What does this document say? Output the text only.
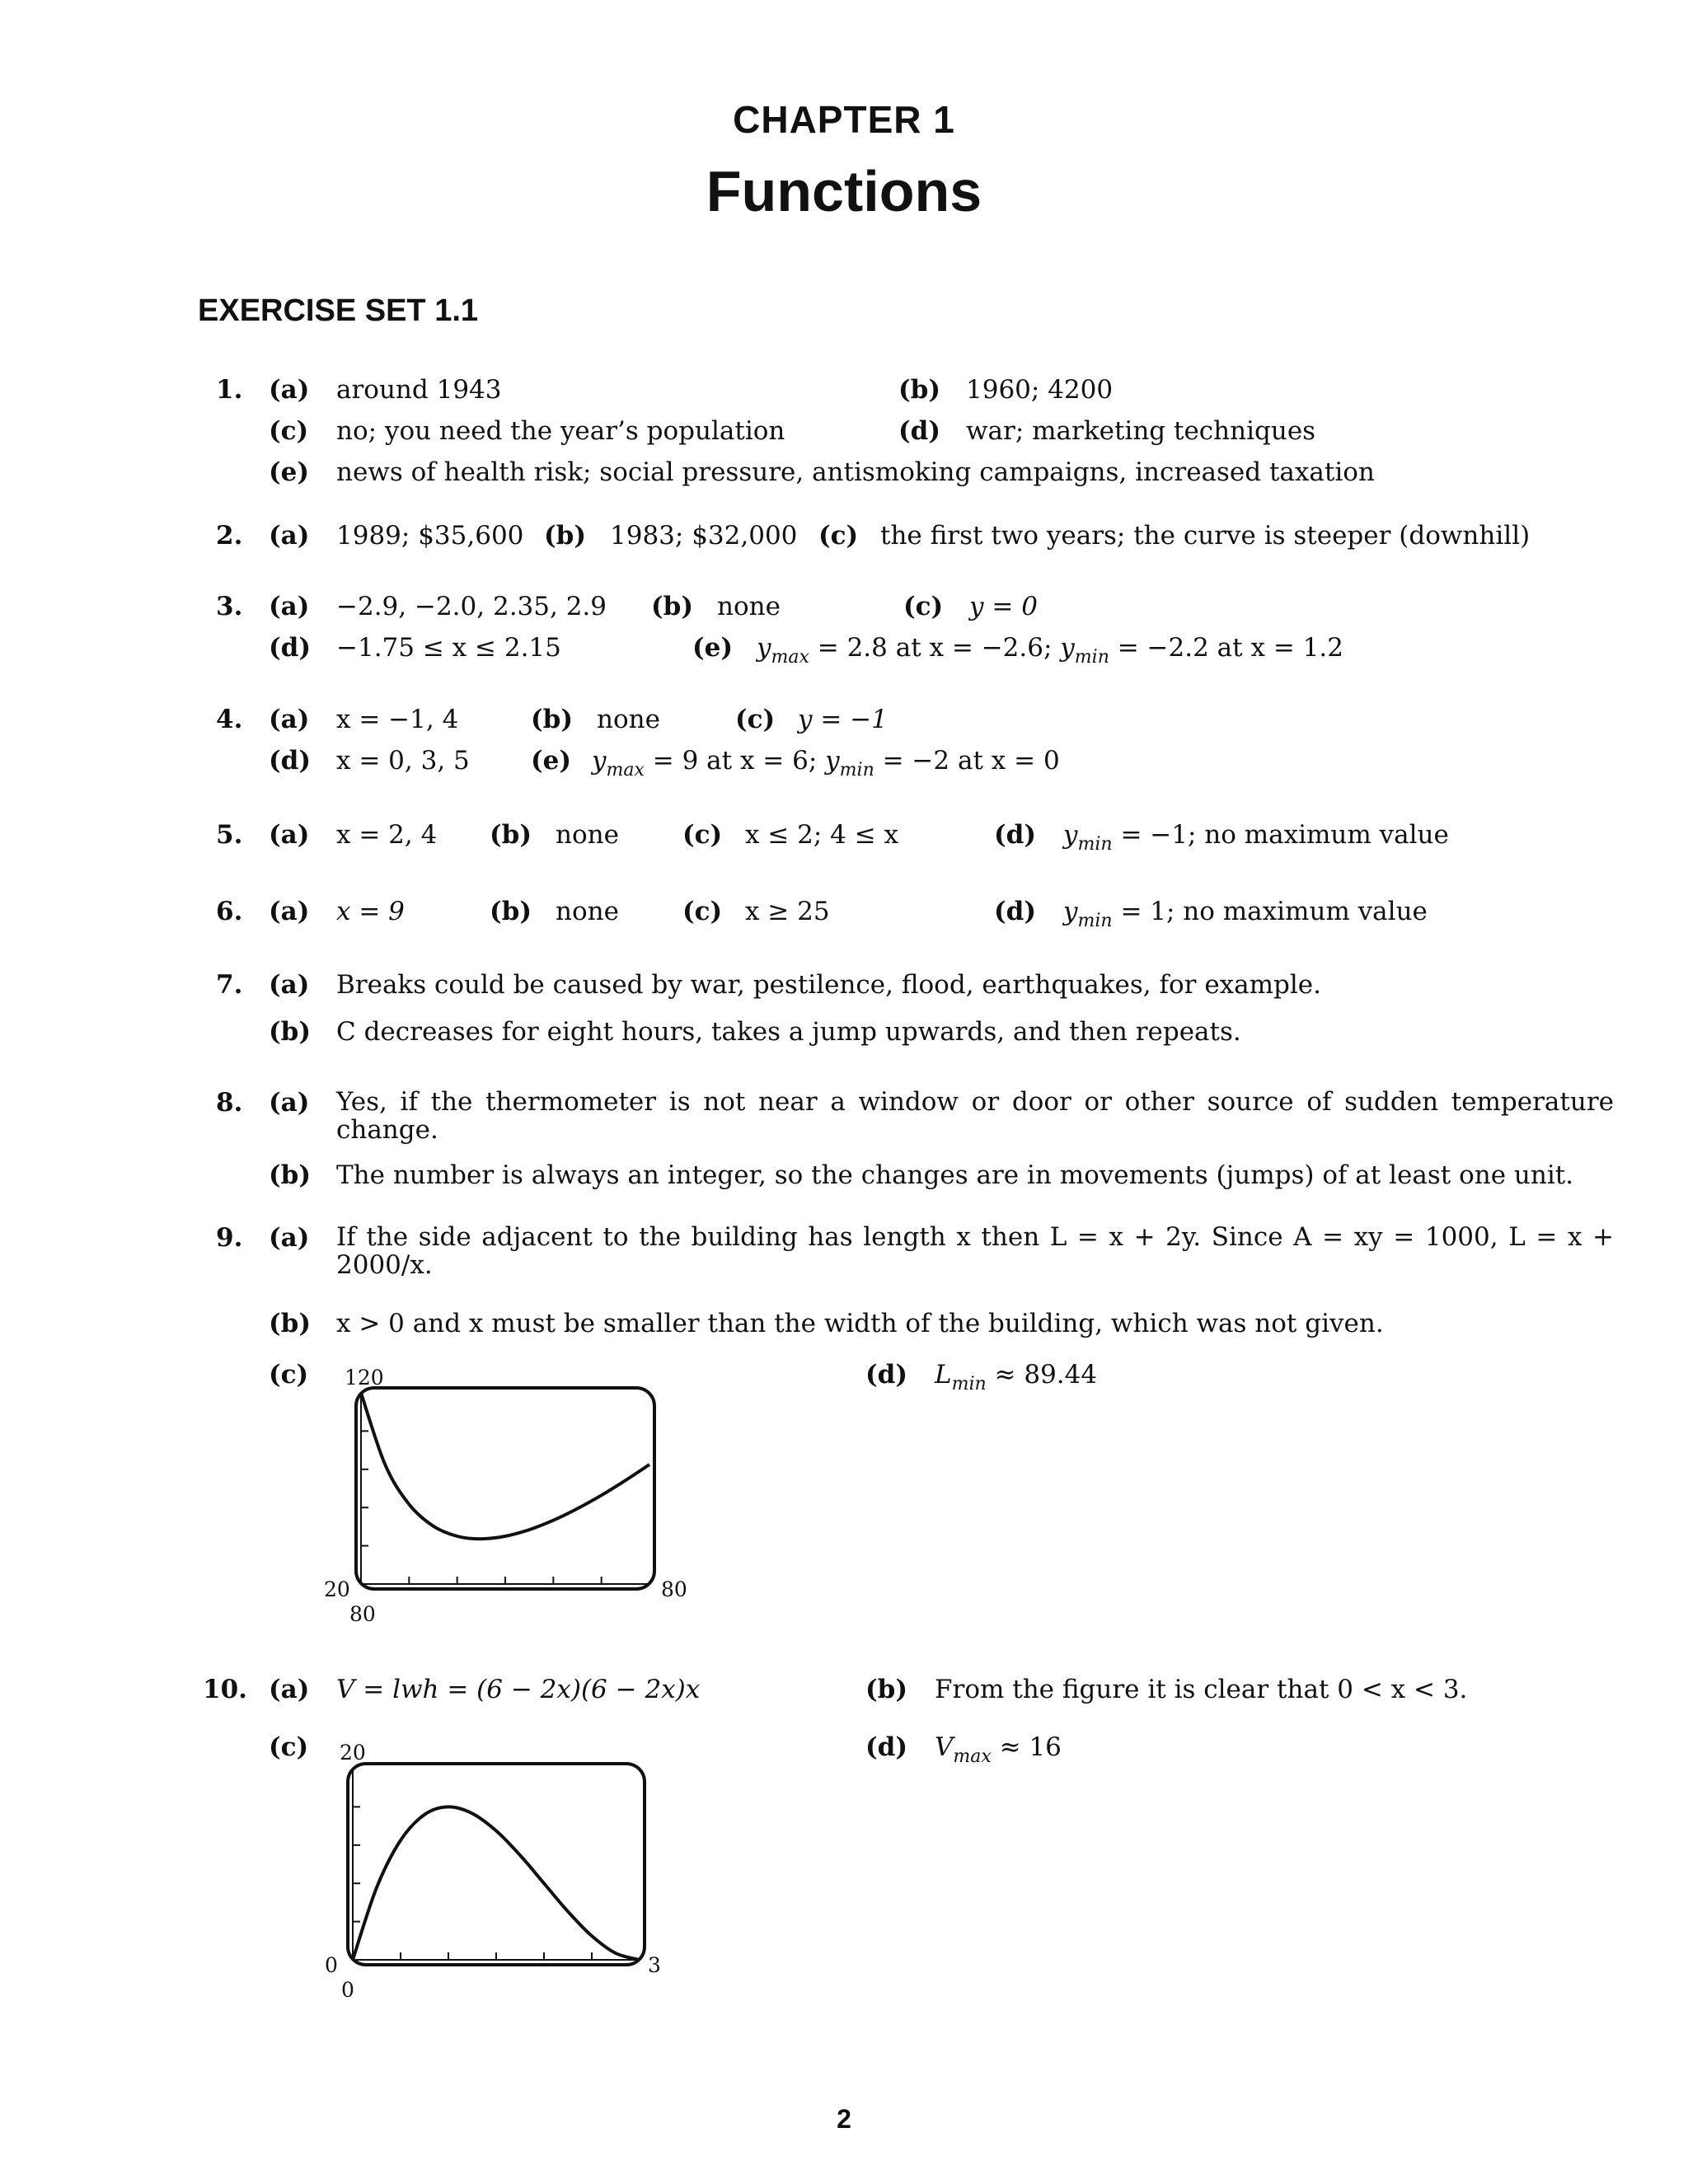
CHAPTER 1
Functions
EXERCISE SET 1.1
1. (a) around 1943	(b) 1960; 4200
(c) no; you need the year’s population	(d) war; marketing techniques
(e) news of health risk; social pressure, antismoking campaigns, increased taxation
2. (a) 1989; $35,600 (b) 1983; $32,000 (c) the first two years; the curve is steeper (downhill)
3. (a) −2.9, −2.0, 2.35, 2.9 (b) none	(c) y = 0
(d) −1.75 ≤ x ≤ 2.15	(e) $y_{max} = 2.8$ at x = −2.6; $y_{min} = -2.2$ at x = 1.2
4. (a) x = −1, 4	(b) none	(c) y = −1
(d) x = 0, 3, 5 (e) $y_{max} = 9$ at x = 6; $y_{min} = -2$ at x = 0
5. (a) x = 2, 4 (b) none (c) x ≤ 2; 4 ≤ x	(d) $y_{min} = -1$; no maximum value
6. (a) x = 9	(b) none (c) x ≥ 25	(d) $y_{min} = 1$; no maximum value
7. (a) Breaks could be caused by war, pestilence, flood, earthquakes, for example.
(b) C decreases for eight hours, takes a jump upwards, and then repeats.
8. (a) Yes, if the thermometer is not near a window or door or other source of sudden temperature change.
(b) The number is always an integer, so the changes are in movements (jumps) of at least one unit.
9. (a) If the side adjacent to the building has length x then L = x + 2y. Since A = xy = 1000, L = x + 2000/x.
(b) x > 0 and x must be smaller than the width of the building, which was not given.
(c)	(d) $L_{min} \approx 89.44$
120
20
80
80
10. (a) V = lwh = (6 − 2x)(6 − 2x)x	(b) From the figure it is clear that 0 < x < 3.
(c)	(d) $V_{max} \approx 16$
20
0
0
3
2
